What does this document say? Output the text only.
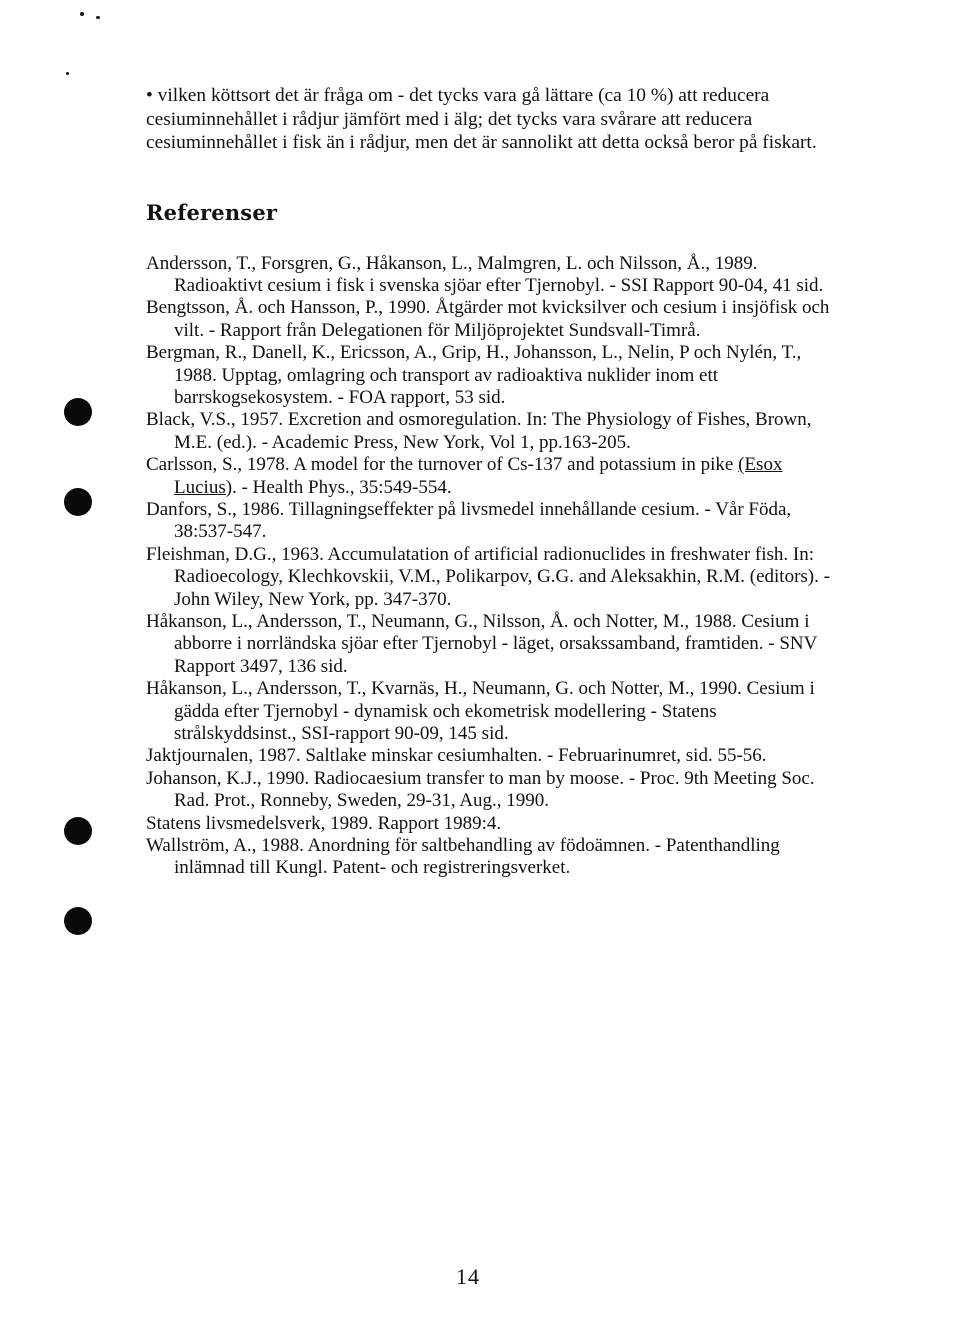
• vilken köttsort det är fråga om - det tycks vara gå lättare (ca 10 %) att reducera cesiuminnehållet i rådjur jämfört med i älg; det tycks vara svårare att reducera cesiuminnehållet i fisk än i rådjur, men det är sannolikt att detta också beror på fiskart.

Referenser

Andersson, T., Forsgren, G., Håkanson, L., Malmgren, L. och Nilsson, Å., 1989. Radioaktivt cesium i fisk i svenska sjöar efter Tjernobyl. - SSI Rapport 90-04, 41 sid.

Bengtsson, Å. och Hansson, P., 1990. Åtgärder mot kvicksilver och cesium i insjöfisk och vilt. - Rapport från Delegationen för Miljöprojektet Sundsvall-Timrå.

Bergman, R., Danell, K., Ericsson, A., Grip, H., Johansson, L., Nelin, P och Nylén, T., 1988. Upptag, omlagring och transport av radioaktiva nuklider inom ett barrskogsekosystem. - FOA rapport, 53 sid.

Black, V.S., 1957. Excretion and osmoregulation. In: The Physiology of Fishes, Brown, M.E. (ed.). - Academic Press, New York, Vol 1, pp.163-205.

Carlsson, S., 1978. A model for the turnover of Cs-137 and potassium in pike (Esox Lucius). - Health Phys., 35:549-554.

Danfors, S., 1986. Tillagningseffekter på livsmedel innehållande cesium. - Vår Föda, 38:537-547.

Fleishman, D.G., 1963. Accumulatation of artificial radionuclides in freshwater fish. In: Radioecology, Klechkovskii, V.M., Polikarpov, G.G. and Aleksakhin, R.M. (editors). - John Wiley, New York, pp. 347-370.

Håkanson, L., Andersson, T., Neumann, G., Nilsson, Å. och Notter, M., 1988. Cesium i abborre i norrländska sjöar efter Tjernobyl - läget, orsakssamband, framtiden. - SNV Rapport 3497, 136 sid.

Håkanson, L., Andersson, T., Kvarnäs, H., Neumann, G. och Notter, M., 1990. Cesium i gädda efter Tjernobyl - dynamisk och ekometrisk modellering - Statens strålskyddsinst., SSI-rapport 90-09, 145 sid.

Jaktjournalen, 1987. Saltlake minskar cesiumhalten. - Februarinumret, sid. 55-56.

Johanson, K.J., 1990. Radiocaesium transfer to man by moose. - Proc. 9th Meeting Soc. Rad. Prot., Ronneby, Sweden, 29-31, Aug., 1990.

Statens livsmedelsverk, 1989. Rapport 1989:4.

Wallström, A., 1988. Anordning för saltbehandling av födoämnen. - Patenthandling inlämnad till Kungl. Patent- och registreringsverket.

14
